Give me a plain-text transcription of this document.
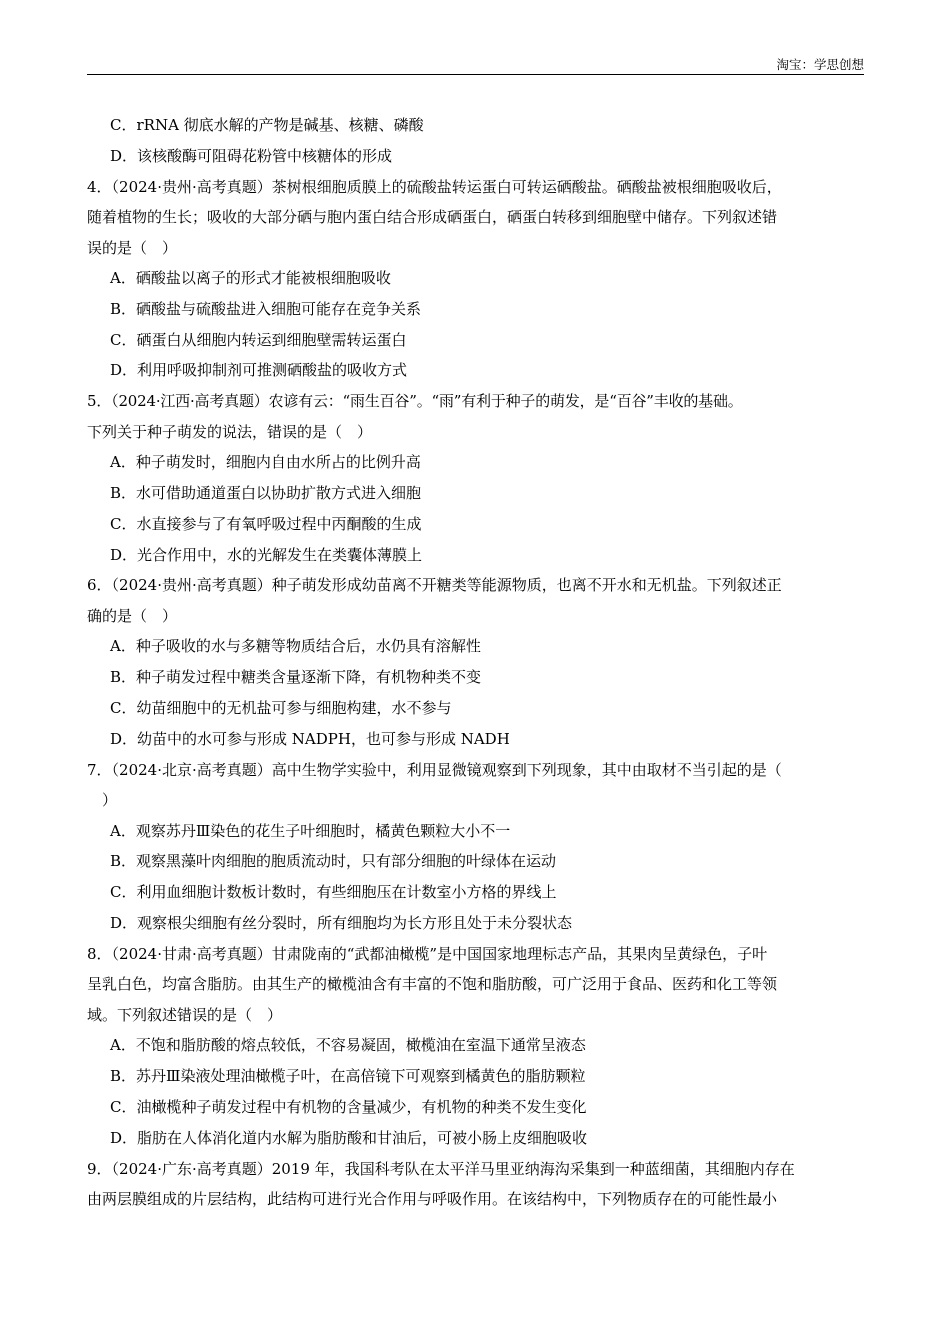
淘宝：学思创想
C．rRNA 彻底水解的产物是碱基、核糖、磷酸
D．该核酸酶可阻碍花粉管中核糖体的形成
4．（2024·贵州·高考真题）茶树根细胞质膜上的硫酸盐转运蛋白可转运硒酸盐。硒酸盐被根细胞吸收后，
随着植物的生长；吸收的大部分硒与胞内蛋白结合形成硒蛋白，硒蛋白转移到细胞壁中储存。下列叙述错
误的是（　）
A．硒酸盐以离子的形式才能被根细胞吸收
B．硒酸盐与硫酸盐进入细胞可能存在竞争关系
C．硒蛋白从细胞内转运到细胞壁需转运蛋白
D．利用呼吸抑制剂可推测硒酸盐的吸收方式
5．（2024·江西·高考真题）农谚有云：“雨生百谷”。“雨”有利于种子的萌发，是“百谷”丰收的基础。
下列关于种子萌发的说法，错误的是（　）
A．种子萌发时，细胞内自由水所占的比例升高
B．水可借助通道蛋白以协助扩散方式进入细胞
C．水直接参与了有氧呼吸过程中丙酮酸的生成
D．光合作用中，水的光解发生在类囊体薄膜上
6．（2024·贵州·高考真题）种子萌发形成幼苗离不开糖类等能源物质，也离不开水和无机盐。下列叙述正
确的是（　）
A．种子吸收的水与多糖等物质结合后，水仍具有溶解性
B．种子萌发过程中糖类含量逐渐下降，有机物种类不变
C．幼苗细胞中的无机盐可参与细胞构建，水不参与
D．幼苗中的水可参与形成 NADPH，也可参与形成 NADH
7．（2024·北京·高考真题）高中生物学实验中，利用显微镜观察到下列现象，其中由取材不当引起的是（
　）
A．观察苏丹Ⅲ染色的花生子叶细胞时，橘黄色颗粒大小不一
B．观察黑藻叶肉细胞的胞质流动时，只有部分细胞的叶绿体在运动
C．利用血细胞计数板计数时，有些细胞压在计数室小方格的界线上
D．观察根尖细胞有丝分裂时，所有细胞均为长方形且处于未分裂状态
8．（2024·甘肃·高考真题）甘肃陇南的“武都油橄榄”是中国国家地理标志产品，其果肉呈黄绿色，子叶
呈乳白色，均富含脂肪。由其生产的橄榄油含有丰富的不饱和脂肪酸，可广泛用于食品、医药和化工等领
域。下列叙述错误的是（　）
A．不饱和脂肪酸的熔点较低，不容易凝固，橄榄油在室温下通常呈液态
B．苏丹Ⅲ染液处理油橄榄子叶，在高倍镜下可观察到橘黄色的脂肪颗粒
C．油橄榄种子萌发过程中有机物的含量减少，有机物的种类不发生变化
D．脂肪在人体消化道内水解为脂肪酸和甘油后，可被小肠上皮细胞吸收
9．（2024·广东·高考真题）2019 年，我国科考队在太平洋马里亚纳海沟采集到一种蓝细菌，其细胞内存在
由两层膜组成的片层结构，此结构可进行光合作用与呼吸作用。在该结构中，下列物质存在的可能性最小
